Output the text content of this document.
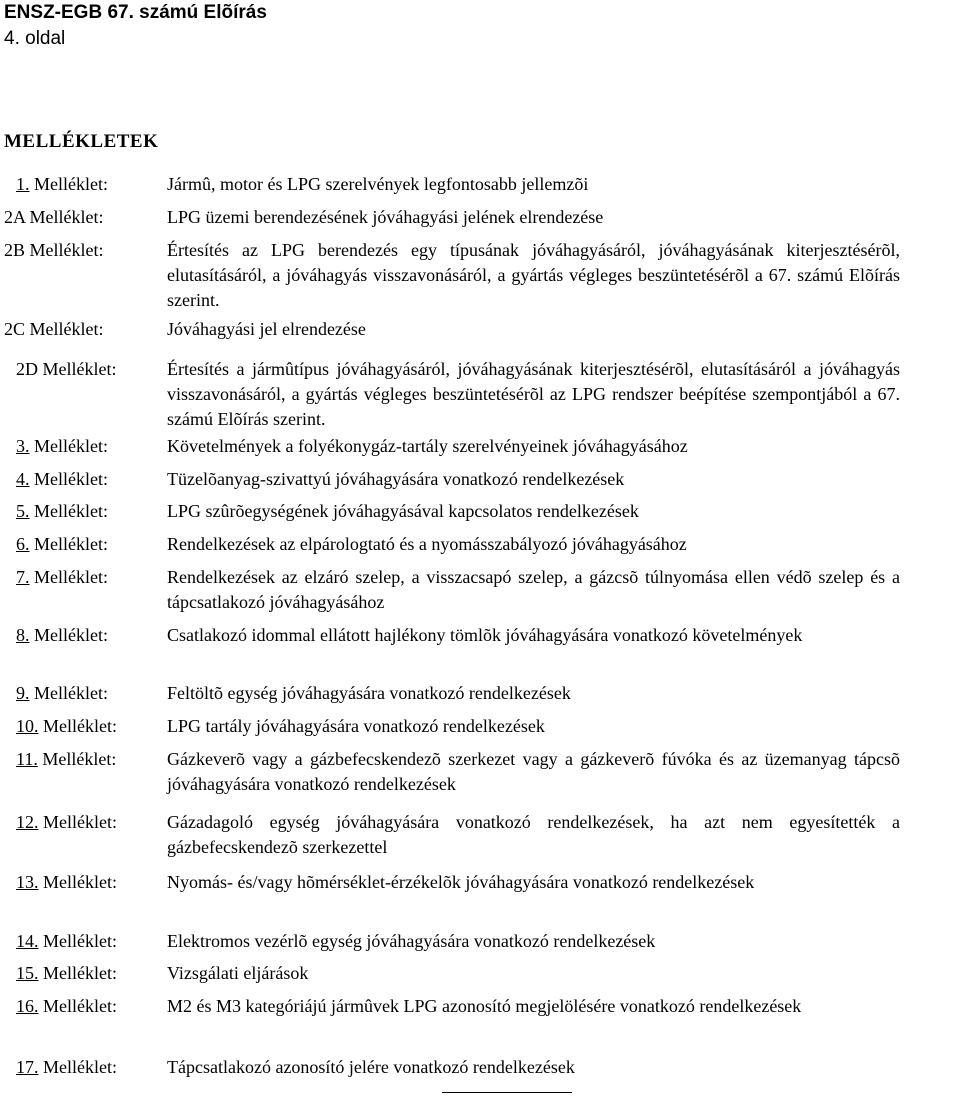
ENSZ-EGB 67. számú Elõírás
4. oldal
MELLÉKLETEK
1. Melléklet:	Jármû, motor és LPG szerelvények legfontosabb jellemzõi
2A Melléklet:	LPG üzemi berendezésének jóváhagyási jelének elrendezése
2B Melléklet:	Értesítés az LPG berendezés egy típusának jóváhagyásáról, jóváhagyásának kiterjesztésérõl, elutasításáról, a jóváhagyás visszavonásáról, a gyártás végleges beszüntetésérõl a 67. számú Elõírás szerint.
2C Melléklet:	Jóváhagyási jel elrendezése
2D Melléklet:	Értesítés a jármûtípus jóváhagyásáról, jóváhagyásának kiterjesztésérõl, elutasításáról a jóváhagyás visszavonásáról, a gyártás végleges beszüntetésérõl az LPG rendszer beépítése szempontjából a 67. számú Elõírás szerint.
3. Melléklet:	Követelmények a folyékonygáz-tartály szerelvényeinek jóváhagyásához
4. Melléklet:	Tüzelõanyag-szivattyú jóváhagyására vonatkozó rendelkezések
5. Melléklet:	LPG szûrõegységének jóváhagyásával kapcsolatos rendelkezések
6. Melléklet:	Rendelkezések az elpárologtató és a nyomásszabályozó jóváhagyásához
7. Melléklet:	Rendelkezések az elzáró szelep, a visszacsapó szelep, a gázcsõ túlnyomása ellen védõ szelep és a tápcsatlakozó jóváhagyásához
8. Melléklet:	Csatlakozó idommal ellátott hajlékony tömlõk jóváhagyására vonatkozó követelmények
9. Melléklet:	Feltöltõ egység jóváhagyására vonatkozó rendelkezések
10. Melléklet:	LPG tartály jóváhagyására vonatkozó rendelkezések
11. Melléklet:	Gázkeverõ vagy a gázbefecskendezõ szerkezet vagy a gázkeverõ fúvóka és az üzemanyag tápcsõ jóváhagyására vonatkozó rendelkezések
12. Melléklet:	Gázadagoló egység jóváhagyására vonatkozó rendelkezések, ha azt nem egyesítették a gázbefecskendezõ szerkezettel
13. Melléklet:	Nyomás- és/vagy hõmérséklet-érzékelõk jóváhagyására vonatkozó rendelkezések
14. Melléklet:	Elektromos vezérlõ egység jóváhagyására vonatkozó rendelkezések
15. Melléklet:	Vizsgálati eljárások
16. Melléklet:	M2 és M3 kategóriájú jármûvek LPG azonosító megjelölésére vonatkozó rendelkezések
17. Melléklet:	Tápcsatlakozó azonosító jelére vonatkozó rendelkezések
